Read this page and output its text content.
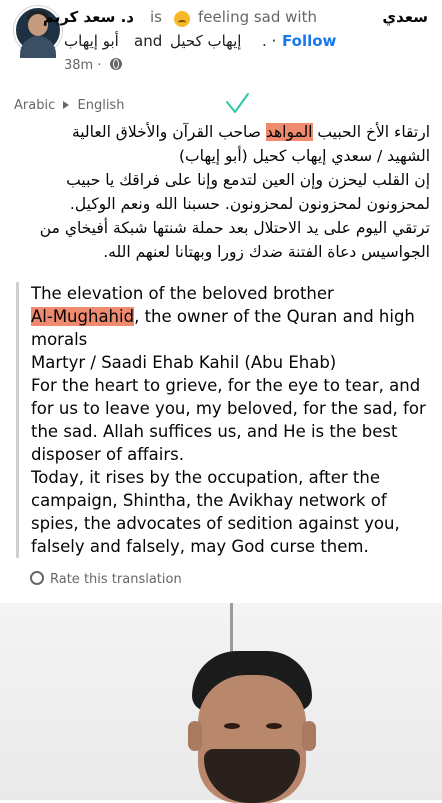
د. سعد كريم is feeling sad with	سعدي
أبو إيهاب and إيهاب كحيل . · Follow
38m ·
Arabic English
ارتقاء الأخ الحبيب المواهد صاحب القرآن والأخلاق العالية
الشهيد / سعدي إيهاب كحيل (أبو إيهاب)
إن القلب ليحزن وإن العين لتدمع وإنا على فراقك يا حبيب
لمحزونون لمحزونون لمحزونون. حسبنا الله ونعم الوكيل.
ترتقي اليوم على يد الاحتلال بعد حملة شنتها شبكة أفيخاي من
الجواسيس دعاة الفتنة ضدك زورا وبهتانا لعنهم الله.

The elevation of the beloved brother
Al-Mughahid, the owner of the Quran and high morals

Martyr / Saadi Ehab Kahil (Abu Ehab)

For the heart to grieve, for the eye to tear, and for us to leave you, my beloved, for the sad, for the sad. Allah suffices us, and He is the best disposer of affairs.

Today, it rises by the occupation, after the campaign, Shintha, the Avikhay network of spies, the advocates of sedition against you, falsely and falsely, may God curse them.

Rate this translation
